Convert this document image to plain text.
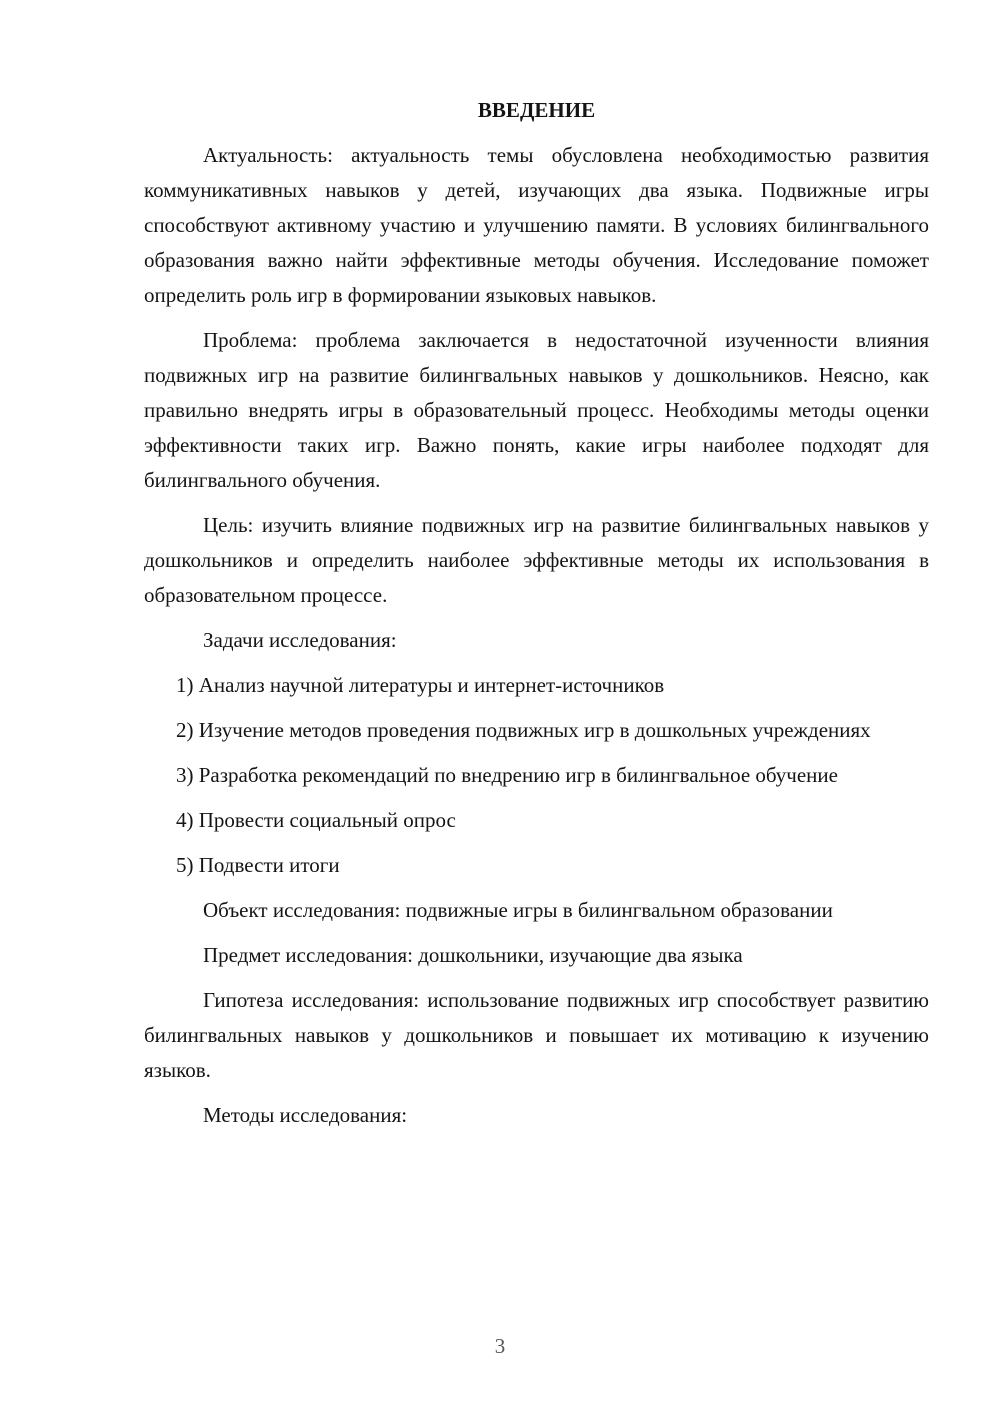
ВВЕДЕНИЕ

Актуальность: актуальность темы обусловлена необходимостью развития коммуникативных навыков у детей, изучающих два языка. Подвижные игры способствуют активному участию и улучшению памяти. В условиях билингвального образования важно найти эффективные методы обучения. Исследование поможет определить роль игр в формировании языковых навыков.

Проблема: проблема заключается в недостаточной изученности влияния подвижных игр на развитие билингвальных навыков у дошкольников. Неясно, как правильно внедрять игры в образовательный процесс. Необходимы методы оценки эффективности таких игр. Важно понять, какие игры наиболее подходят для билингвального обучения.

Цель: изучить влияние подвижных игр на развитие билингвальных навыков у дошкольников и определить наиболее эффективные методы их использования в образовательном процессе.

Задачи исследования:

1) Анализ научной литературы и интернет-источников

2) Изучение методов проведения подвижных игр в дошкольных учреждениях

3) Разработка рекомендаций по внедрению игр в билингвальное обучение

4) Провести социальный опрос

5) Подвести итоги

Объект исследования: подвижные игры в билингвальном образовании

Предмет исследования: дошкольники, изучающие два языка

Гипотеза исследования: использование подвижных игр способствует развитию билингвальных навыков у дошкольников и повышает их мотивацию к изучению языков.

Методы исследования:

3
